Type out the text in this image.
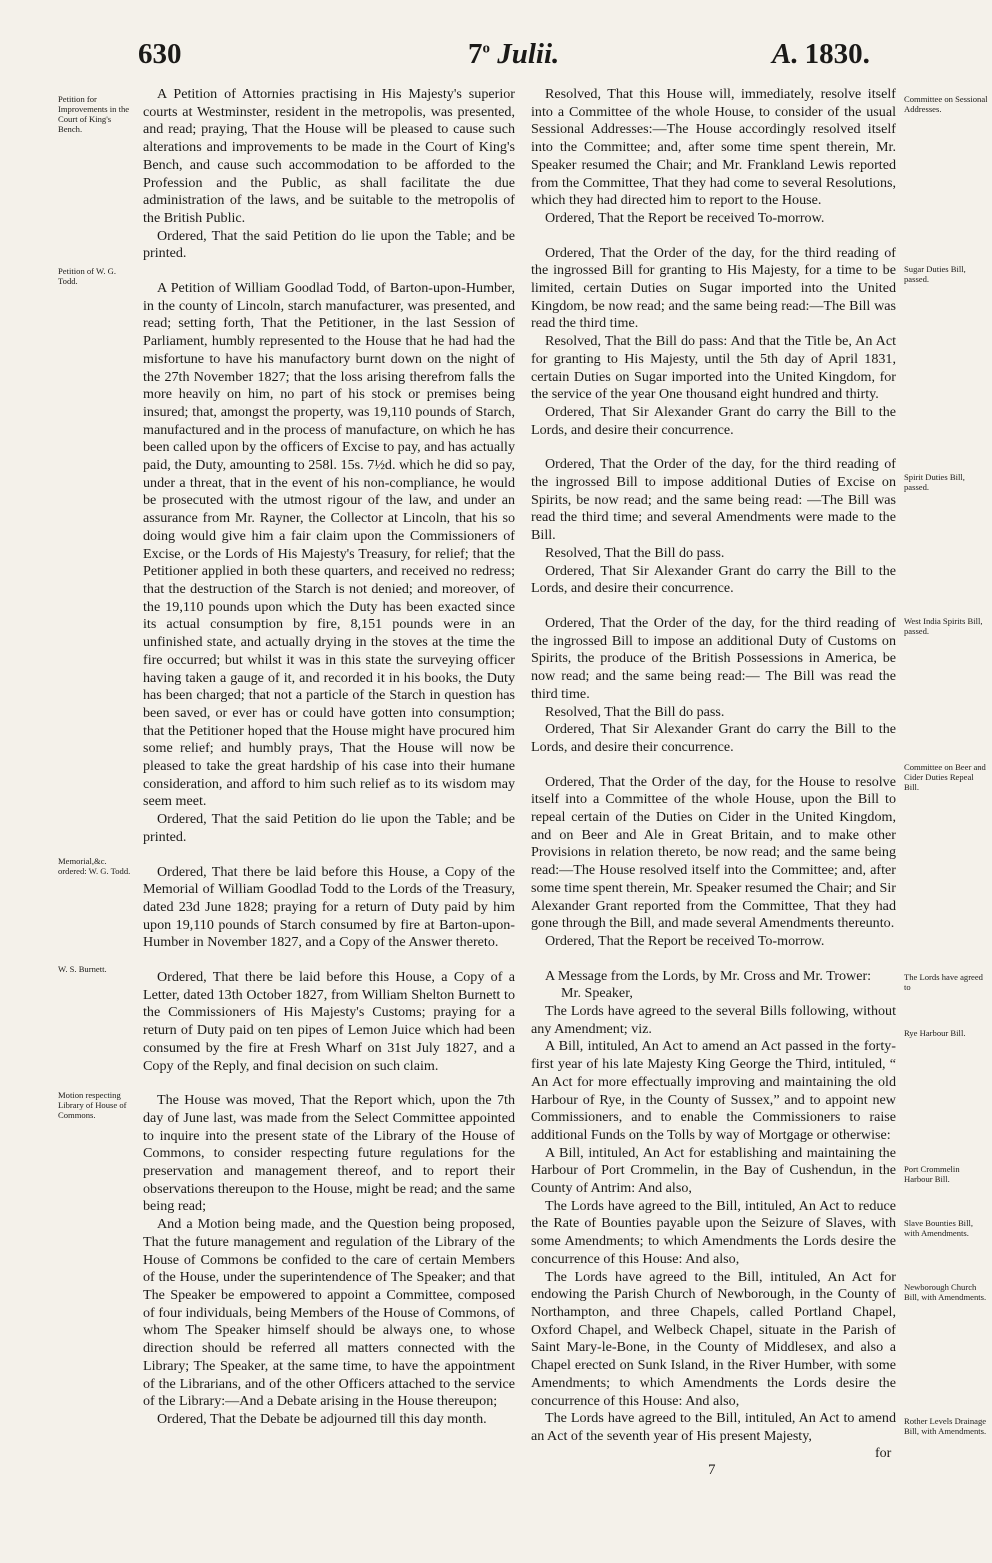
630	7$^o$ Julii.	A. 1830.
Petition for Improvements in the Court of King's Bench.
Petition of W. G. Todd.
Memorial,&c. ordered: W. G. Todd.
W. S. Burnett.
Motion respecting Library of House of Commons.
Committee on Sessional Addresses.
Sugar Duties Bill, passed.
Spirit Duties Bill, passed.
West India Spirits Bill, passed.
Committee on Beer and Cider Duties Repeal Bill.
The Lords have agreed to
Rye Harbour Bill.
Port Crommelin Harbour Bill.
Slave Bounties Bill, with Amendments.
Newborough Church Bill, with Amendments.
Rother Levels Drainage Bill, with Amendments.

A Petition of Attornies practising in His Majesty's superior courts at Westminster, resident in the metropolis, was presented, and read; praying, That the House will be pleased to cause such alterations and improvements to be made in the Court of King's Bench, and cause such accommodation to be afforded to the Profession and the Public, as shall facilitate the due administration of the laws, and be suitable to the metropolis of the British Public.

Ordered, That the said Petition do lie upon the Table; and be printed.

A Petition of William Goodlad Todd, of Barton-upon-Humber, in the county of Lincoln, starch manufacturer, was presented, and read; setting forth, That the Petitioner, in the last Session of Parliament, humbly represented to the House that he had had the misfortune to have his manufactory burnt down on the night of the 27th November 1827; that the loss arising therefrom falls the more heavily on him, no part of his stock or premises being insured; that, amongst the property, was 19,110 pounds of Starch, manufactured and in the process of manufacture, on which he has been called upon by the officers of Excise to pay, and has actually paid, the Duty, amounting to 258l. 15s. 7½d. which he did so pay, under a threat, that in the event of his non-compliance, he would be prosecuted with the utmost rigour of the law, and under an assurance from Mr. Rayner, the Collector at Lincoln, that his so doing would give him a fair claim upon the Commissioners of Excise, or the Lords of His Majesty's Treasury, for relief; that the Petitioner applied in both these quarters, and received no redress; that the destruction of the Starch is not denied; and moreover, of the 19,110 pounds upon which the Duty has been exacted since its actual consumption by fire, 8,151 pounds were in an unfinished state, and actually drying in the stoves at the time the fire occurred; but whilst it was in this state the surveying officer having taken a gauge of it, and recorded it in his books, the Duty has been charged; that not a particle of the Starch in question has been saved, or ever has or could have gotten into consumption; that the Petitioner hoped that the House might have procured him some relief; and humbly prays, That the House will now be pleased to take the great hardship of his case into their humane consideration, and afford to him such relief as to its wisdom may seem meet.

Ordered, That the said Petition do lie upon the Table; and be printed.

Ordered, That there be laid before this House, a Copy of the Memorial of William Goodlad Todd to the Lords of the Treasury, dated 23d June 1828; praying for a return of Duty paid by him upon 19,110 pounds of Starch consumed by fire at Barton-upon-Humber in November 1827, and a Copy of the Answer thereto.

Ordered, That there be laid before this House, a Copy of a Letter, dated 13th October 1827, from William Shelton Burnett to the Commissioners of His Majesty's Customs; praying for a return of Duty paid on ten pipes of Lemon Juice which had been consumed by the fire at Fresh Wharf on 31st July 1827, and a Copy of the Reply, and final decision on such claim.

The House was moved, That the Report which, upon the 7th day of June last, was made from the Select Committee appointed to inquire into the present state of the Library of the House of Commons, to consider respecting future regulations for the preservation and management thereof, and to report their observations thereupon to the House, might be read; and the same being read;

And a Motion being made, and the Question being proposed, That the future management and regulation of the Library of the House of Commons be confided to the care of certain Members of the House, under the superintendence of The Speaker; and that The Speaker be empowered to appoint a Committee, composed of four individuals, being Members of the House of Commons, of whom The Speaker himself should be always one, to whose direction should be referred all matters connected with the Library; The Speaker, at the same time, to have the appointment of the Librarians, and of the other Officers attached to the service of the Library:—And a Debate arising in the House thereupon;

Ordered, That the Debate be adjourned till this day month.

Resolved, That this House will, immediately, resolve itself into a Committee of the whole House, to consider of the usual Sessional Addresses:—The House accordingly resolved itself into the Committee; and, after some time spent therein, Mr. Speaker resumed the Chair; and Mr. Frankland Lewis reported from the Committee, That they had come to several Resolutions, which they had directed him to report to the House.

Ordered, That the Report be received To-morrow.

Ordered, That the Order of the day, for the third reading of the ingrossed Bill for granting to His Majesty, for a time to be limited, certain Duties on Sugar imported into the United Kingdom, be now read; and the same being read:—The Bill was read the third time.

Resolved, That the Bill do pass: And that the Title be, An Act for granting to His Majesty, until the 5th day of April 1831, certain Duties on Sugar imported into the United Kingdom, for the service of the year One thousand eight hundred and thirty.

Ordered, That Sir Alexander Grant do carry the Bill to the Lords, and desire their concurrence.

Ordered, That the Order of the day, for the third reading of the ingrossed Bill to impose additional Duties of Excise on Spirits, be now read; and the same being read: —The Bill was read the third time; and several Amendments were made to the Bill.

Resolved, That the Bill do pass.

Ordered, That Sir Alexander Grant do carry the Bill to the Lords, and desire their concurrence.

Ordered, That the Order of the day, for the third reading of the ingrossed Bill to impose an additional Duty of Customs on Spirits, the produce of the British Possessions in America, be now read; and the same being read:— The Bill was read the third time.

Resolved, That the Bill do pass.

Ordered, That Sir Alexander Grant do carry the Bill to the Lords, and desire their concurrence.

Ordered, That the Order of the day, for the House to resolve itself into a Committee of the whole House, upon the Bill to repeal certain of the Duties on Cider in the United Kingdom, and on Beer and Ale in Great Britain, and to make other Provisions in relation thereto, be now read; and the same being read:—The House resolved itself into the Committee; and, after some time spent therein, Mr. Speaker resumed the Chair; and Sir Alexander Grant reported from the Committee, That they had gone through the Bill, and made several Amendments thereunto.

Ordered, That the Report be received To-morrow.

A Message from the Lords, by Mr. Cross and Mr. Trower:

Mr. Speaker,

The Lords have agreed to the several Bills following, without any Amendment; viz.

A Bill, intituled, An Act to amend an Act passed in the forty-first year of his late Majesty King George the Third, intituled, “ An Act for more effectually improving and maintaining the old Harbour of Rye, in the County of Sussex,” and to appoint new Commissioners, and to enable the Commissioners to raise additional Funds on the Tolls by way of Mortgage or otherwise:

A Bill, intituled, An Act for establishing and maintaining the Harbour of Port Crommelin, in the Bay of Cushendun, in the County of Antrim: And also,

The Lords have agreed to the Bill, intituled, An Act to reduce the Rate of Bounties payable upon the Seizure of Slaves, with some Amendments; to which Amendments the Lords desire the concurrence of this House: And also,

The Lords have agreed to the Bill, intituled, An Act for endowing the Parish Church of Newborough, in the County of Northampton, and three Chapels, called Portland Chapel, Oxford Chapel, and Welbeck Chapel, situate in the Parish of Saint Mary-le-Bone, in the County of Middlesex, and also a Chapel erected on Sunk Island, in the River Humber, with some Amendments; to which Amendments the Lords desire the concurrence of this House: And also,

The Lords have agreed to the Bill, intituled, An Act to amend an Act of the seventh year of His present Majesty,

7
for
